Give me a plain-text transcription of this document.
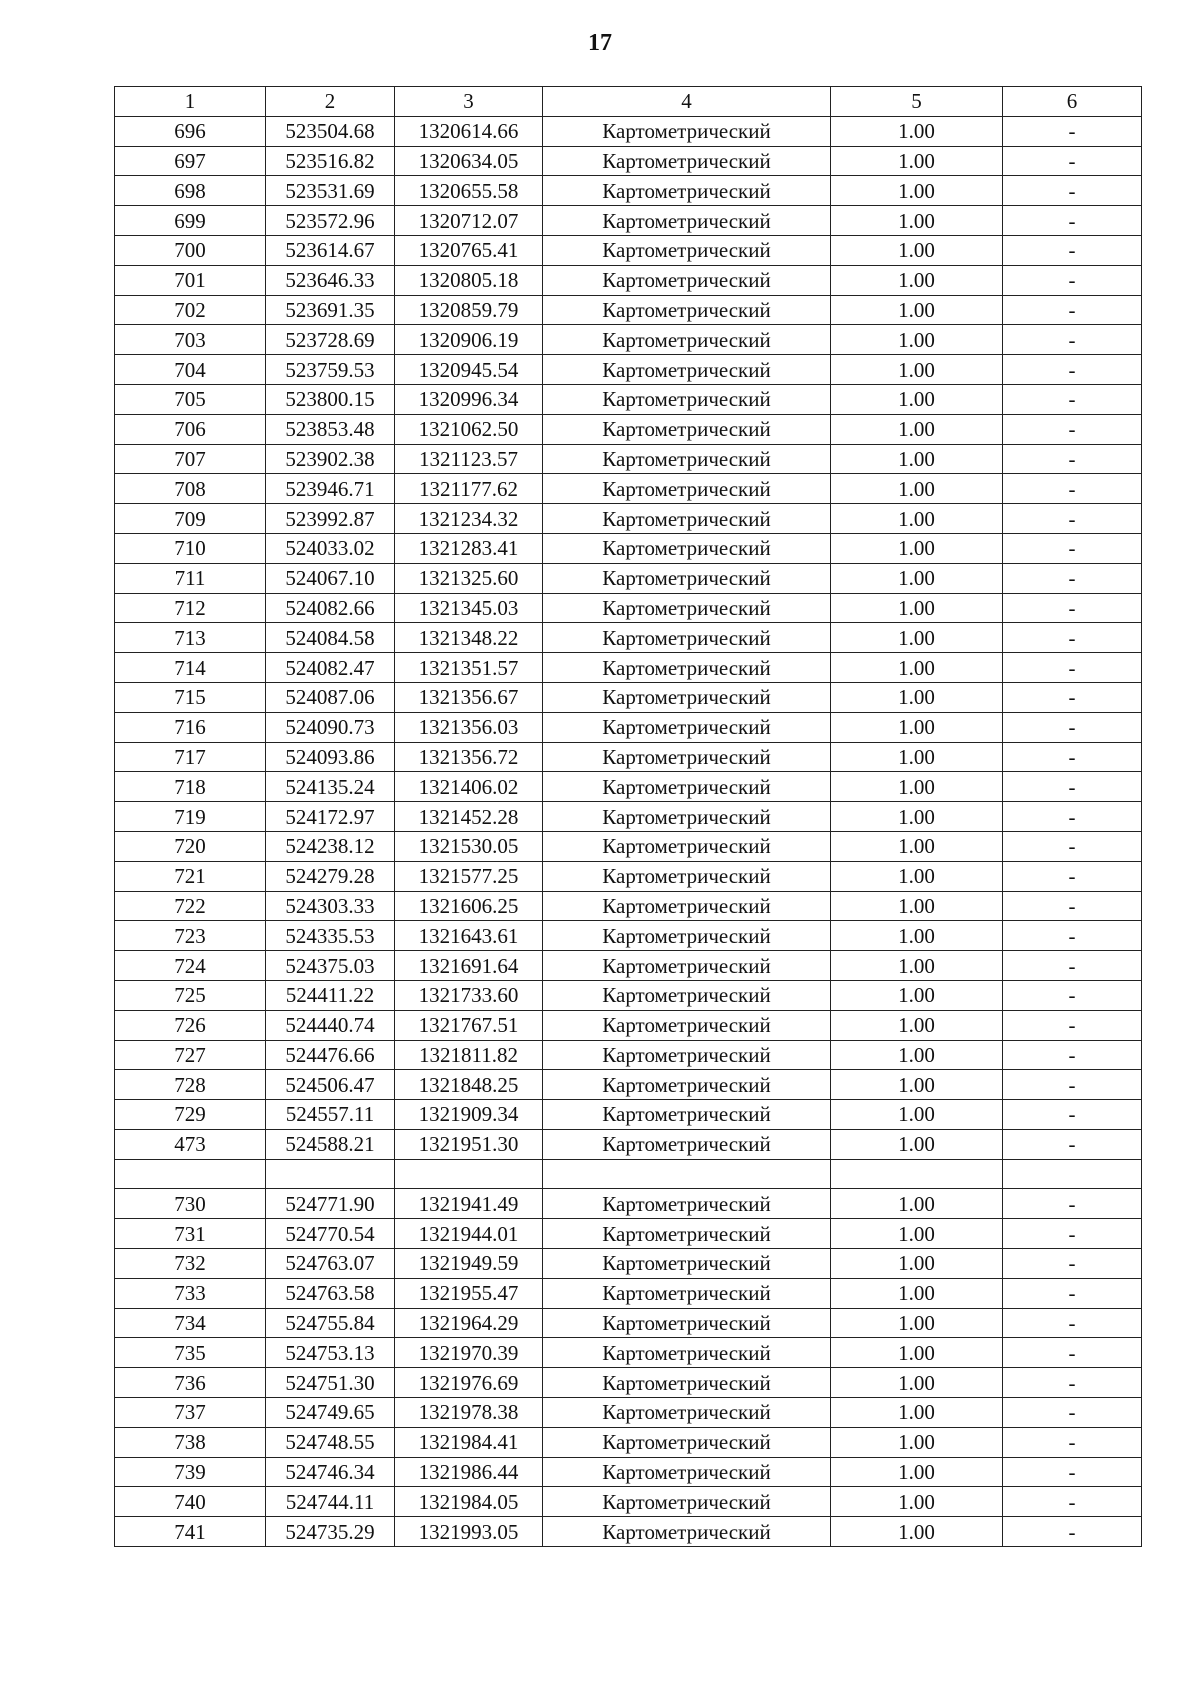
17
1	2	3	4	5	6
696	523504.68	1320614.66	Картометрический	1.00	-
697	523516.82	1320634.05	Картометрический	1.00	-
698	523531.69	1320655.58	Картометрический	1.00	-
699	523572.96	1320712.07	Картометрический	1.00	-
700	523614.67	1320765.41	Картометрический	1.00	-
701	523646.33	1320805.18	Картометрический	1.00	-
702	523691.35	1320859.79	Картометрический	1.00	-
703	523728.69	1320906.19	Картометрический	1.00	-
704	523759.53	1320945.54	Картометрический	1.00	-
705	523800.15	1320996.34	Картометрический	1.00	-
706	523853.48	1321062.50	Картометрический	1.00	-
707	523902.38	1321123.57	Картометрический	1.00	-
708	523946.71	1321177.62	Картометрический	1.00	-
709	523992.87	1321234.32	Картометрический	1.00	-
710	524033.02	1321283.41	Картометрический	1.00	-
711	524067.10	1321325.60	Картометрический	1.00	-
712	524082.66	1321345.03	Картометрический	1.00	-
713	524084.58	1321348.22	Картометрический	1.00	-
714	524082.47	1321351.57	Картометрический	1.00	-
715	524087.06	1321356.67	Картометрический	1.00	-
716	524090.73	1321356.03	Картометрический	1.00	-
717	524093.86	1321356.72	Картометрический	1.00	-
718	524135.24	1321406.02	Картометрический	1.00	-
719	524172.97	1321452.28	Картометрический	1.00	-
720	524238.12	1321530.05	Картометрический	1.00	-
721	524279.28	1321577.25	Картометрический	1.00	-
722	524303.33	1321606.25	Картометрический	1.00	-
723	524335.53	1321643.61	Картометрический	1.00	-
724	524375.03	1321691.64	Картометрический	1.00	-
725	524411.22	1321733.60	Картометрический	1.00	-
726	524440.74	1321767.51	Картометрический	1.00	-
727	524476.66	1321811.82	Картометрический	1.00	-
728	524506.47	1321848.25	Картометрический	1.00	-
729	524557.11	1321909.34	Картометрический	1.00	-
473	524588.21	1321951.30	Картометрический	1.00	-

730	524771.90	1321941.49	Картометрический	1.00	-
731	524770.54	1321944.01	Картометрический	1.00	-
732	524763.07	1321949.59	Картометрический	1.00	-
733	524763.58	1321955.47	Картометрический	1.00	-
734	524755.84	1321964.29	Картометрический	1.00	-
735	524753.13	1321970.39	Картометрический	1.00	-
736	524751.30	1321976.69	Картометрический	1.00	-
737	524749.65	1321978.38	Картометрический	1.00	-
738	524748.55	1321984.41	Картометрический	1.00	-
739	524746.34	1321986.44	Картометрический	1.00	-
740	524744.11	1321984.05	Картометрический	1.00	-
741	524735.29	1321993.05	Картометрический	1.00	-
